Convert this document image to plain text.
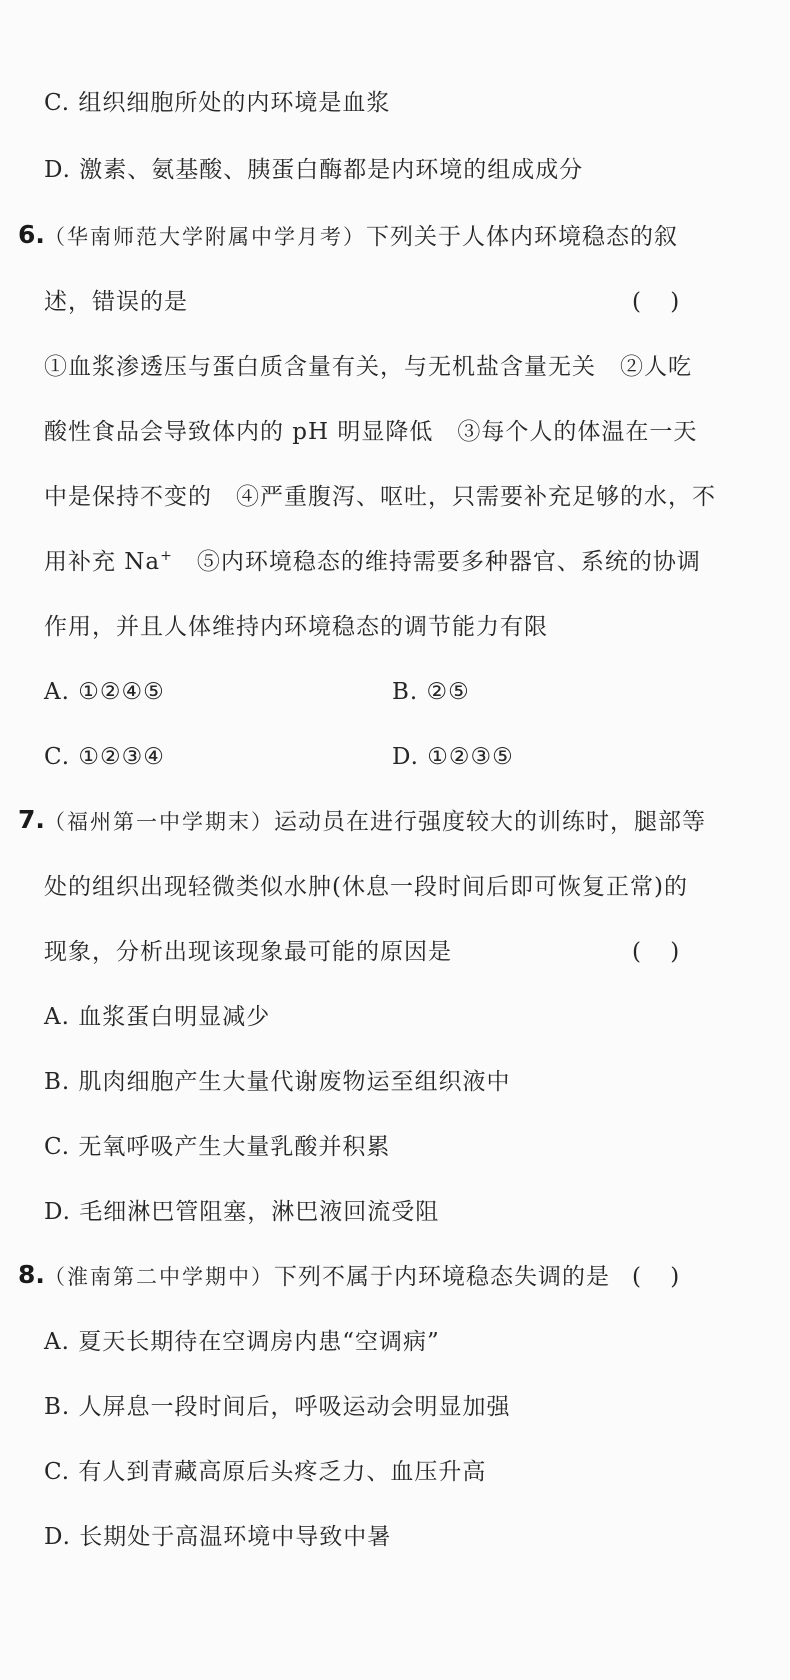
C. 组织细胞所处的内环境是血浆
D. 激素、氨基酸、胰蛋白酶都是内环境的组成成分
6. （华南师范大学附属中学月考）下列关于人体内环境稳态的叙
述，错误的是	(    )
①血浆渗透压与蛋白质含量有关，与无机盐含量无关　②人吃
酸性食品会导致体内的 pH 明显降低　③每个人的体温在一天
中是保持不变的　④严重腹泻、呕吐，只需要补充足够的水，不
用补充 Na+　⑤内环境稳态的维持需要多种器官、系统的协调
作用，并且人体维持内环境稳态的调节能力有限
A. ①②④⑤	B. ②⑤
C. ①②③④	D. ①②③⑤
7. （福州第一中学期末）运动员在进行强度较大的训练时，腿部等
处的组织出现轻微类似水肿(休息一段时间后即可恢复正常)的
现象，分析出现该现象最可能的原因是	(    )
A. 血浆蛋白明显减少
B. 肌肉细胞产生大量代谢废物运至组织液中
C. 无氧呼吸产生大量乳酸并积累
D. 毛细淋巴管阻塞，淋巴液回流受阻
8. （淮南第二中学期中）下列不属于内环境稳态失调的是 (    )
A. 夏天长期待在空调房内患“空调病”
B. 人屏息一段时间后，呼吸运动会明显加强
C. 有人到青藏高原后头疼乏力、血压升高
D. 长期处于高温环境中导致中暑
